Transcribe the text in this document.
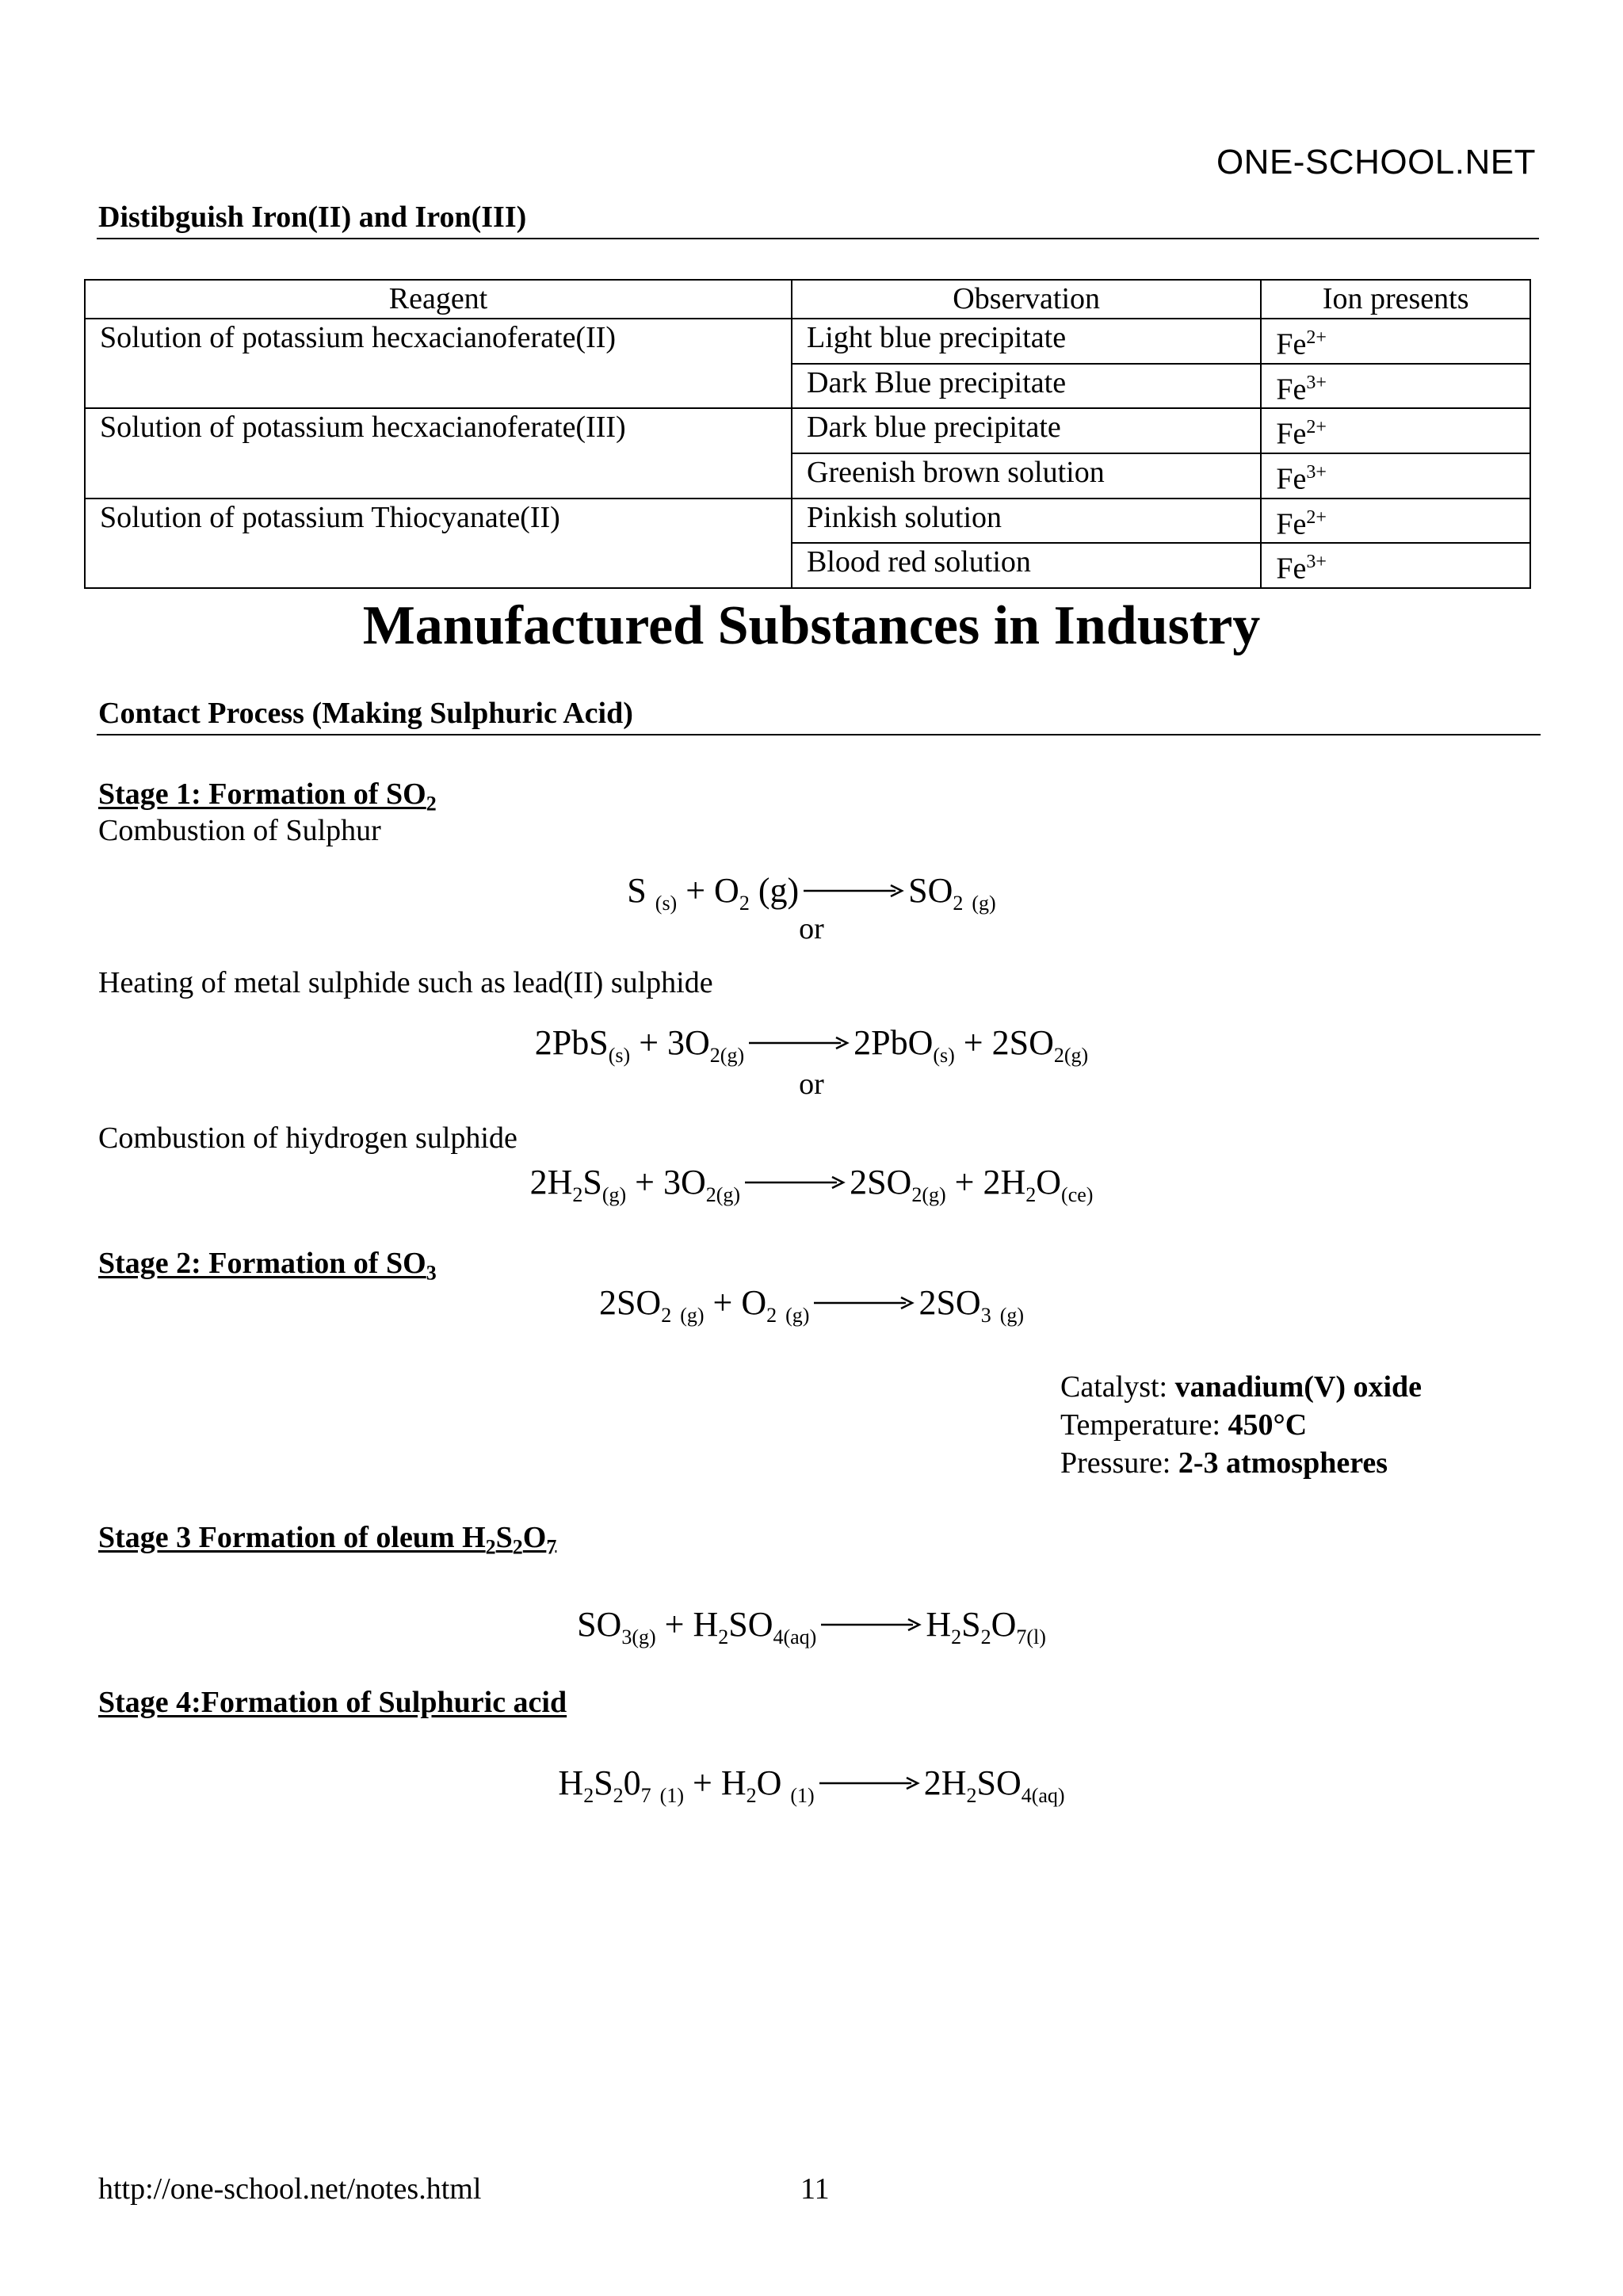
ONE-SCHOOL.NET
Distibguish Iron(II) and Iron(III)
Reagent	Observation	Ion presents
Solution of potassium hecxacianoferate(II)	Light blue precipitate	$Fe^{2+}$
	Dark Blue precipitate	$Fe^{3+}$
Solution of potassium hecxacianoferate(III)	Dark blue precipitate	$Fe^{2+}$
	Greenish brown solution	$Fe^{3+}$
Solution of potassium Thiocyanate(II)	Pinkish solution	$Fe^{2+}$
	Blood red solution	$Fe^{3+}$
Manufactured Substances in Industry
Contact Process (Making Sulphuric Acid)
Stage 1: Formation of $SO_2$
Combustion of Sulphur
S $_{(s)} + O_2$ (g)	$SO_2$ $_{(g)}$
or
Heating of metal sulphide such as lead(II) sulphide
$2PbS_{(s)} + 3O_{2(g)}$	$2PbO_{(s)} + 2SO_{2(g)}$
or
Combustion of hiydrogen sulphide
$2H_2S_{(g)} + 3O_{2(g)}$	$2SO_{2(g)} + 2H_2O_{(ce)}$
Stage 2: Formation of $SO_3$
$2SO_2$ $_{(g)} + O_2$ $_{(g)}$	$2SO_3$ $_{(g)}$
Catalyst: vanadium(V) oxide
Temperature: 450°C
Pressure: 2-3 atmospheres
Stage 3 Formation of oleum $H_2S_2O_7$
$SO_{3(g)} + H_2SO_{4(aq)}$	$H_2S_2O_{7(l)}$
Stage 4:Formation of Sulphuric acid
$H_2S_20_7$ $_{(1)} + H_2O$ $_{(1)}$	$2H_2SO_{4(aq)}$
http://one-school.net/notes.html	11
